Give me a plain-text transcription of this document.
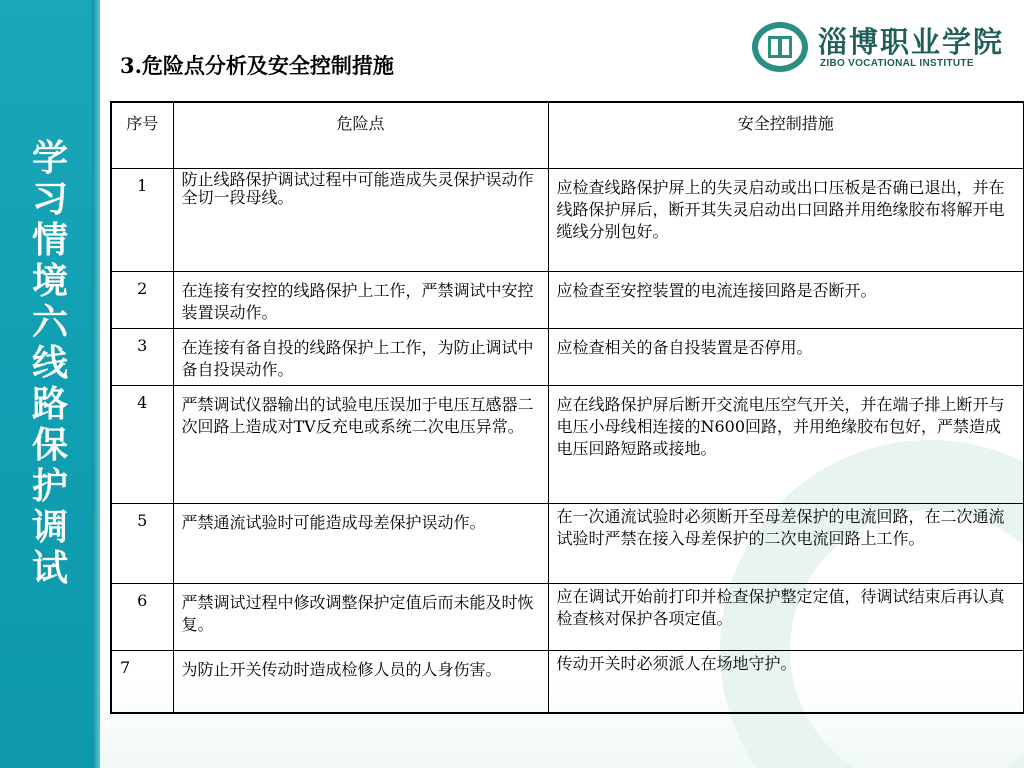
学习情境六线路保护调试
3.危险点分析及安全控制措施
淄博职业学院
ZIBO VOCATIONAL INSTITUTE
序号	危险点	安全控制措施
1	防止线路保护调试过程中可能造成失灵保护误动作全切一段母线。	应检查线路保护屏上的失灵启动或出口压板是否确已退出，并在线路保护屏后，断开其失灵启动出口回路并用绝缘胶布将解开电缆线分别包好。
2	在连接有安控的线路保护上工作，严禁调试中安控装置误动作。	应检查至安控装置的电流连接回路是否断开。
3	在连接有备自投的线路保护上工作，为防止调试中备自投误动作。	应检查相关的备自投装置是否停用。
4	严禁调试仪器输出的试验电压误加于电压互感器二次回路上造成对TV反充电或系统二次电压异常。	应在线路保护屏后断开交流电压空气开关，并在端子排上断开与电压小母线相连接的N600回路，并用绝缘胶布包好，严禁造成电压回路短路或接地。
5	严禁通流试验时可能造成母差保护误动作。	在一次通流试验时必须断开至母差保护的电流回路，在二次通流试验时严禁在接入母差保护的二次电流回路上工作。
6	严禁调试过程中修改调整保护定值后而未能及时恢复。	应在调试开始前打印并检查保护整定定值，待调试结束后再认真检查核对保护各项定值。
7	为防止开关传动时造成检修人员的人身伤害。	传动开关时必须派人在场地守护。
